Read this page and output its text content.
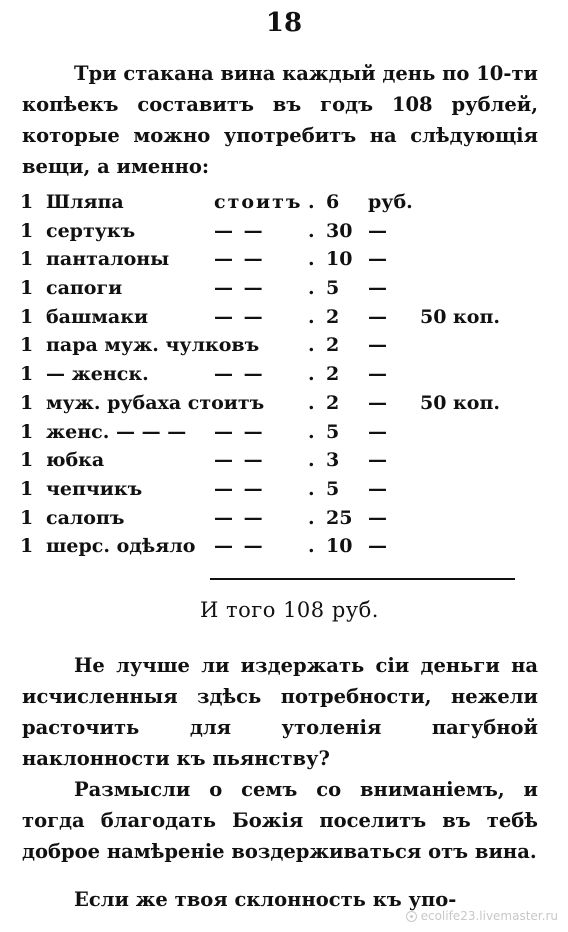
18

Три стакана вина каждый день по 10-ти копѣекъ составитъ въ годъ 108 рублей, которые можно употребитъ на слѣдующія вещи, а именно:

1 Шляпа	стоитъ . 6 руб.
1 сертукъ	— — . 30 —
1 панталоны — — . 10 —
1 сапоги	— — . 5 —
1 башмаки	— — . 2 — 50 коп.
1 пара муж. чулковъ	. 2 —
1 — женск.	— — . 2 —
1 муж. рубаха стоитъ . 2 — 50 коп.
1 женс. — — — — — . 5 —
1 юбка	— — . 3 —
1 чепчикъ	— — . 5 —
1 салопъ	— — . 25 —
1 шерс. одѣяло — — . 10 —
И того 108 руб.

Не лучше ли издержать сіи деньги на исчисленныя здѣсь потребности, нежели расточить для утоленія пагубной наклонности къ пьянству?

Размысли о семъ со вниманіемъ, и тогда благодать Божія поселитъ въ тебѣ доброе намѣреніе воздерживаться отъ вина.

Если же твоя склонность къ упо-

ecolife23.livemaster.ru
